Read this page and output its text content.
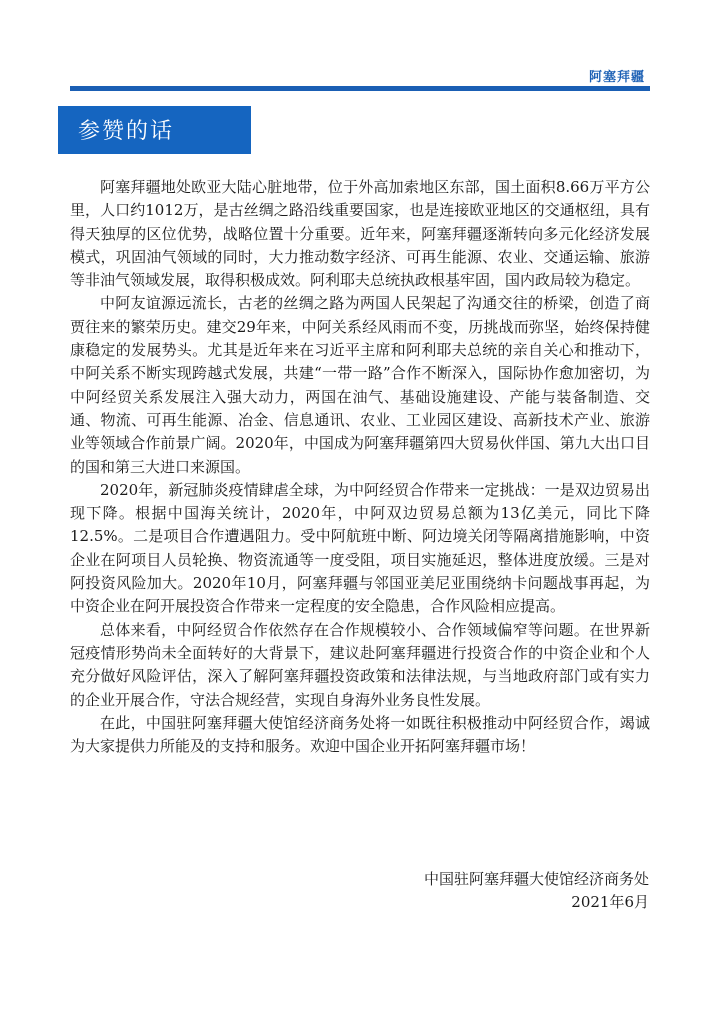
阿塞拜疆
参赞的话

阿塞拜疆地处欧亚大陆心脏地带，位于外高加索地区东部，国土面积8.66万平方公里，人口约1012万，是古丝绸之路沿线重要国家，也是连接欧亚地区的交通枢纽，具有得天独厚的区位优势，战略位置十分重要。近年来，阿塞拜疆逐渐转向多元化经济发展模式，巩固油气领域的同时，大力推动数字经济、可再生能源、农业、交通运输、旅游等非油气领域发展，取得积极成效。阿利耶夫总统执政根基牢固，国内政局较为稳定。

中阿友谊源远流长，古老的丝绸之路为两国人民架起了沟通交往的桥梁，创造了商贾往来的繁荣历史。建交29年来，中阿关系经风雨而不变，历挑战而弥坚，始终保持健康稳定的发展势头。尤其是近年来在习近平主席和阿利耶夫总统的亲自关心和推动下，中阿关系不断实现跨越式发展，共建“一带一路”合作不断深入，国际协作愈加密切，为中阿经贸关系发展注入强大动力，两国在油气、基础设施建设、产能与装备制造、交通、物流、可再生能源、冶金、信息通讯、农业、工业园区建设、高新技术产业、旅游业等领域合作前景广阔。2020年，中国成为阿塞拜疆第四大贸易伙伴国、第九大出口目的国和第三大进口来源国。

2020年，新冠肺炎疫情肆虐全球，为中阿经贸合作带来一定挑战：一是双边贸易出现下降。根据中国海关统计，2020年，中阿双边贸易总额为13亿美元，同比下降12.5%。二是项目合作遭遇阻力。受中阿航班中断、阿边境关闭等隔离措施影响，中资企业在阿项目人员轮换、物资流通等一度受阻，项目实施延迟，整体进度放缓。三是对阿投资风险加大。2020年10月，阿塞拜疆与邻国亚美尼亚围绕纳卡问题战事再起，为中资企业在阿开展投资合作带来一定程度的安全隐患，合作风险相应提高。

总体来看，中阿经贸合作依然存在合作规模较小、合作领域偏窄等问题。在世界新冠疫情形势尚未全面转好的大背景下，建议赴阿塞拜疆进行投资合作的中资企业和个人充分做好风险评估，深入了解阿塞拜疆投资政策和法律法规，与当地政府部门或有实力的企业开展合作，守法合规经营，实现自身海外业务良性发展。

在此，中国驻阿塞拜疆大使馆经济商务处将一如既往积极推动中阿经贸合作，竭诚为大家提供力所能及的支持和服务。欢迎中国企业开拓阿塞拜疆市场！

中国驻阿塞拜疆大使馆经济商务处
2021年6月
